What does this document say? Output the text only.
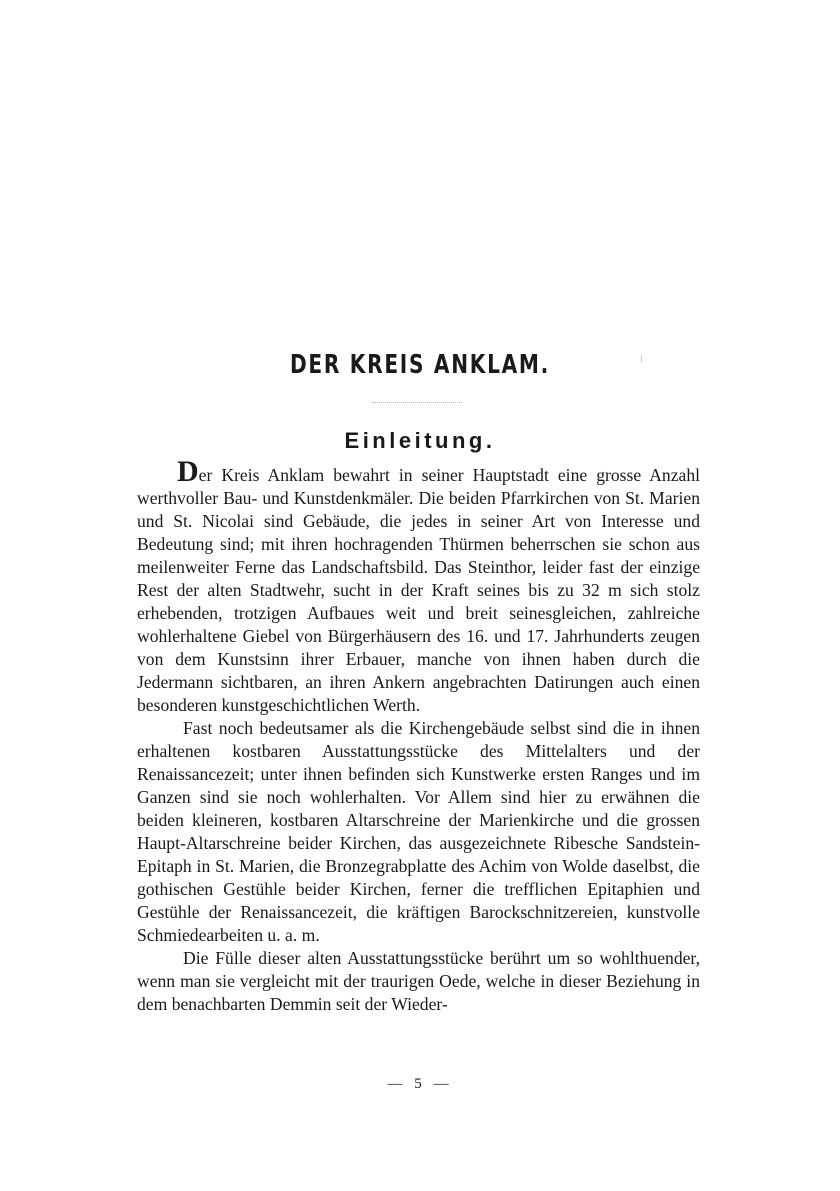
DER KREIS ANKLAM.
Einleitung.

Der Kreis Anklam bewahrt in seiner Hauptstadt eine grosse Anzahl werthvoller Bau- und Kunstdenkmäler. Die beiden Pfarrkirchen von St. Marien und St. Nicolai sind Gebäude, die jedes in seiner Art von Interesse und Bedeutung sind; mit ihren hochragenden Thürmen beherrschen sie schon aus meilenweiter Ferne das Landschaftsbild. Das Steinthor, leider fast der einzige Rest der alten Stadtwehr, sucht in der Kraft seines bis zu 32 m sich stolz erhebenden, trotzigen Aufbaues weit und breit seinesgleichen, zahlreiche wohlerhaltene Giebel von Bürgerhäusern des 16. und 17. Jahrhunderts zeugen von dem Kunstsinn ihrer Erbauer, manche von ihnen haben durch die Jedermann sichtbaren, an ihren Ankern angebrachten Datirungen auch einen besonderen kunstgeschichtlichen Werth.

Fast noch bedeutsamer als die Kirchengebäude selbst sind die in ihnen erhaltenen kostbaren Ausstattungsstücke des Mittelalters und der Renaissancezeit; unter ihnen befinden sich Kunstwerke ersten Ranges und im Ganzen sind sie noch wohlerhalten. Vor Allem sind hier zu erwähnen die beiden kleineren, kostbaren Altarschreine der Marienkirche und die grossen Haupt-Altarschreine beider Kirchen, das ausgezeichnete Ribesche Sandstein-Epitaph in St. Marien, die Bronzegrabplatte des Achim von Wolde daselbst, die gothischen Gestühle beider Kirchen, ferner die trefflichen Epitaphien und Gestühle der Renaissancezeit, die kräftigen Barockschnitzereien, kunstvolle Schmiedearbeiten u. a. m.

Die Fülle dieser alten Ausstattungsstücke berührt um so wohlthuender, wenn man sie vergleicht mit der traurigen Oede, welche in dieser Beziehung in dem benachbarten Demmin seit der Wieder-

— 5 —
